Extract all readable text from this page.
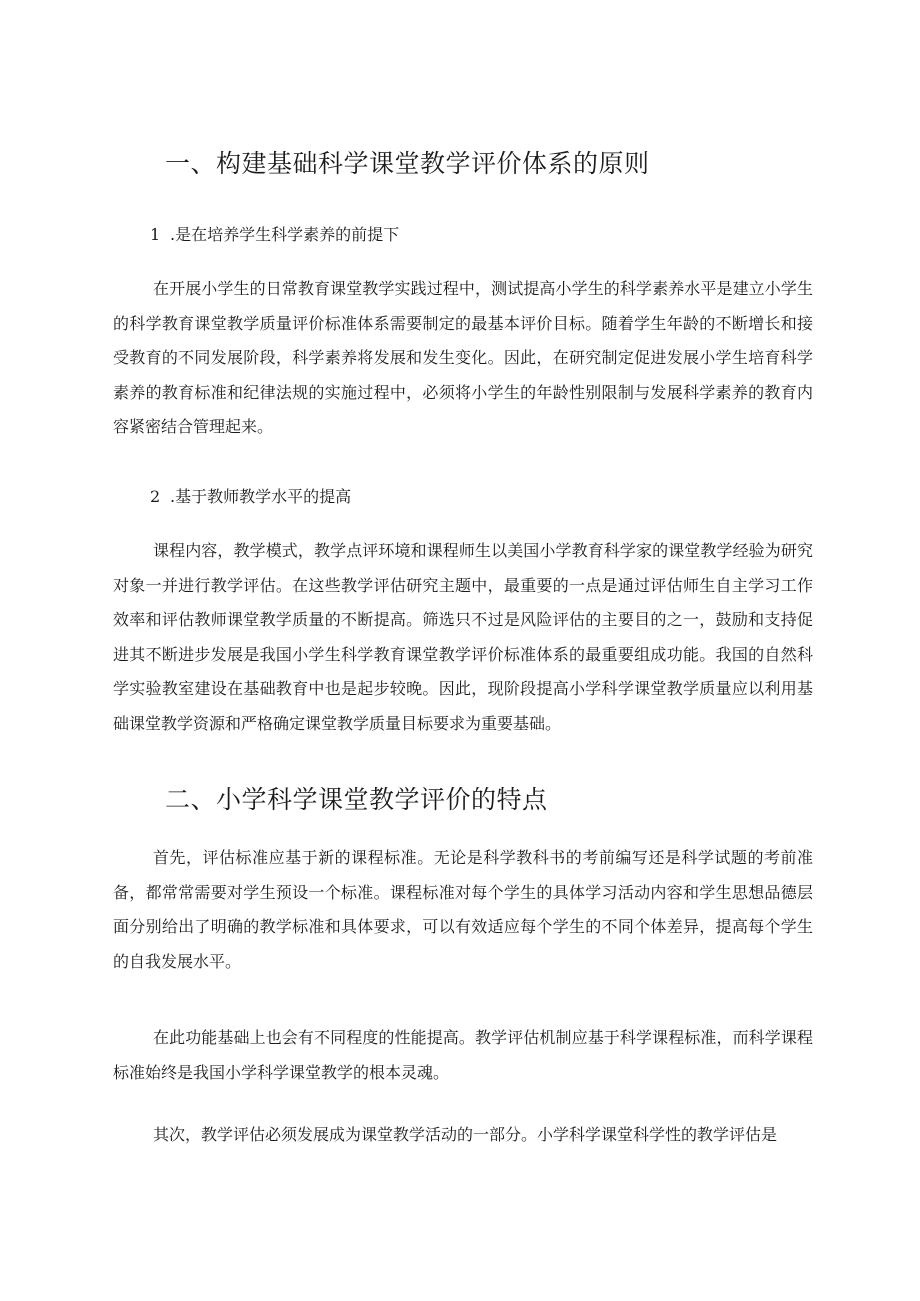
一、构建基础科学课堂教学评价体系的原则
1 .是在培养学生科学素养的前提下

在开展小学生的日常教育课堂教学实践过程中，测试提高小学生的科学素养水平是建立小学生的科学教育课堂教学质量评价标准体系需要制定的最基本评价目标。随着学生年龄的不断增长和接受教育的不同发展阶段，科学素养将发展和发生变化。因此，在研究制定促进发展小学生培育科学素养的教育标准和纪律法规的实施过程中，必须将小学生的年龄性别限制与发展科学素养的教育内容紧密结合管理起来。

2 .基于教师教学水平的提高

课程内容，教学模式，教学点评环境和课程师生以美国小学教育科学家的课堂教学经验为研究对象一并进行教学评估。在这些教学评估研究主题中，最重要的一点是通过评估师生自主学习工作效率和评估教师课堂教学质量的不断提高。筛选只不过是风险评估的主要目的之一，鼓励和支持促进其不断进步发展是我国小学生科学教育课堂教学评价标准体系的最重要组成功能。我国的自然科学实验教室建设在基础教育中也是起步较晚。因此，现阶段提高小学科学课堂教学质量应以利用基础课堂教学资源和严格确定课堂教学质量目标要求为重要基础。

二、小学科学课堂教学评价的特点

首先，评估标准应基于新的课程标准。无论是科学教科书的考前编写还是科学试题的考前准备，都常常需要对学生预设一个标准。课程标准对每个学生的具体学习活动内容和学生思想品德层面分别给出了明确的教学标准和具体要求，可以有效适应每个学生的不同个体差异，提高每个学生的自我发展水平。

在此功能基础上也会有不同程度的性能提高。教学评估机制应基于科学课程标准，而科学课程标准始终是我国小学科学课堂教学的根本灵魂。

其次，教学评估必须发展成为课堂教学活动的一部分。小学科学课堂科学性的教学评估是
